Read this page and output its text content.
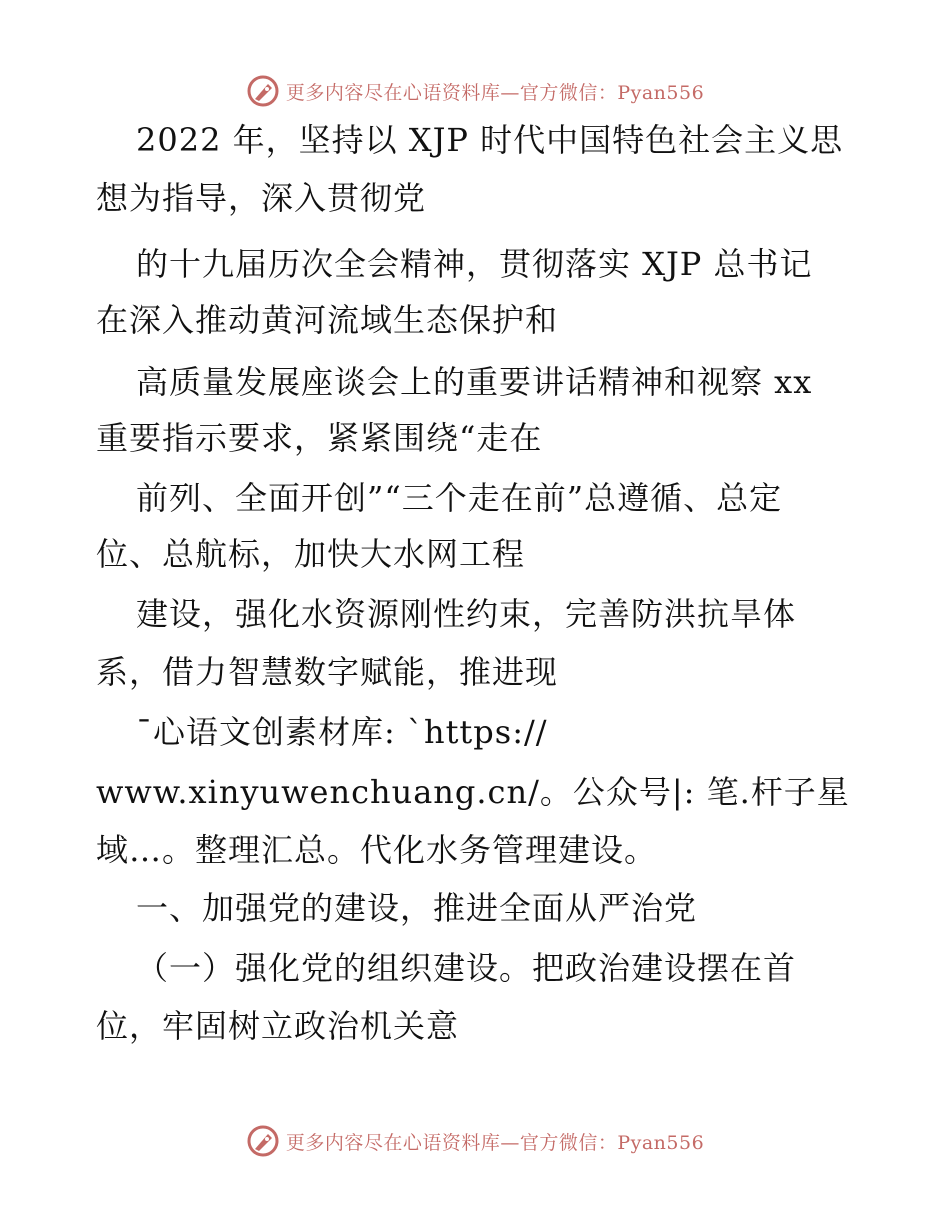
更多内容尽在心语资料库—官方微信：Pyan556
2022 年，坚持以 XJP 时代中国特色社会主义思
想为指导，深入贯彻党
的十九届历次全会精神，贯彻落实 XJP 总书记
在深入推动黄河流域生态保护和
高质量发展座谈会上的重要讲话精神和视察 xx
重要指示要求，紧紧围绕“走在
前列、全面开创”“三个走在前”总遵循、总定
位、总航标，加快大水网工程
建设，强化水资源刚性约束，完善防洪抗旱体
系，借力智慧数字赋能，推进现
¯心语文创素材库: `https://
www.xinyuwenchuang.cn/。公众号|: 笔.杆子星
域…。整理汇总。代化水务管理建设。
一、加强党的建设，推进全面从严治党
（一）强化党的组织建设。把政治建设摆在首
位，牢固树立政治机关意
更多内容尽在心语资料库—官方微信：Pyan556
